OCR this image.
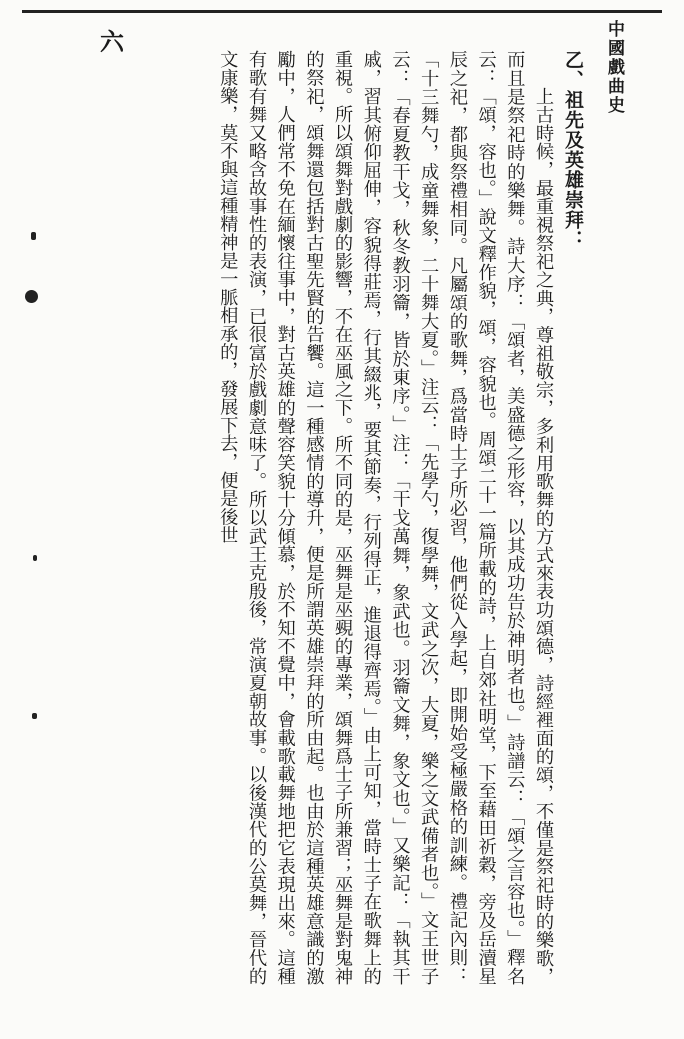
中國戲曲史
六
乙、祖先及英雄崇拜：

上古時候，最重視祭祀之典，尊祖敬宗，多利用歌舞的方式來表功頌德，詩經裡面的頌，不僅是祭祀時的樂歌，而且是祭祀時的樂舞。詩大序：「頌者，美盛德之形容，以其成功告於神明者也。」詩譜云：「頌之言容也。」釋名云：「頌，容也。」說文釋作貌，頌，容貌也。周頌二十一篇所載的詩，上自郊社明堂，下至藉田祈穀，旁及岳瀆星辰之祀，都與祭禮相同。凡屬頌的歌舞，爲當時士子所必習，他們從入學起，即開始受極嚴格的訓練。禮記內則：「十三舞勺，成童舞象，二十舞大夏。」注云：「先學勺，復學舞，文武之次，大夏，樂之文武備者也。」文王世子云：「春夏教干戈，秋冬教羽籥，皆於東序。」注：「干戈萬舞，象武也。羽籥文舞，象文也。」又樂記：「執其干戚，習其俯仰屈伸，容貌得莊焉，行其綴兆，要其節奏，行列得正，進退得齊焉。」由上可知，當時士子在歌舞上的重視。所以頌舞對戲劇的影響，不在巫風之下。所不同的是，巫舞是巫覡的專業，頌舞爲士子所兼習；巫舞是對鬼神的祭祀，頌舞還包括對古聖先賢的告饗。這一種感情的導升，便是所謂英雄崇拜的所由起。也由於這種英雄意識的激勵中，人們常不免在緬懷往事中，對古英雄的聲容笑貌十分傾慕，於不知不覺中，會載歌載舞地把它表現出來。這種有歌有舞又略含故事性的表演，已很富於戲劇意味了。所以武王克殷後，常演夏朝故事。以後漢代的公莫舞，晉代的文康樂，莫不與這種精神是一脈相承的，發展下去，便是後世
